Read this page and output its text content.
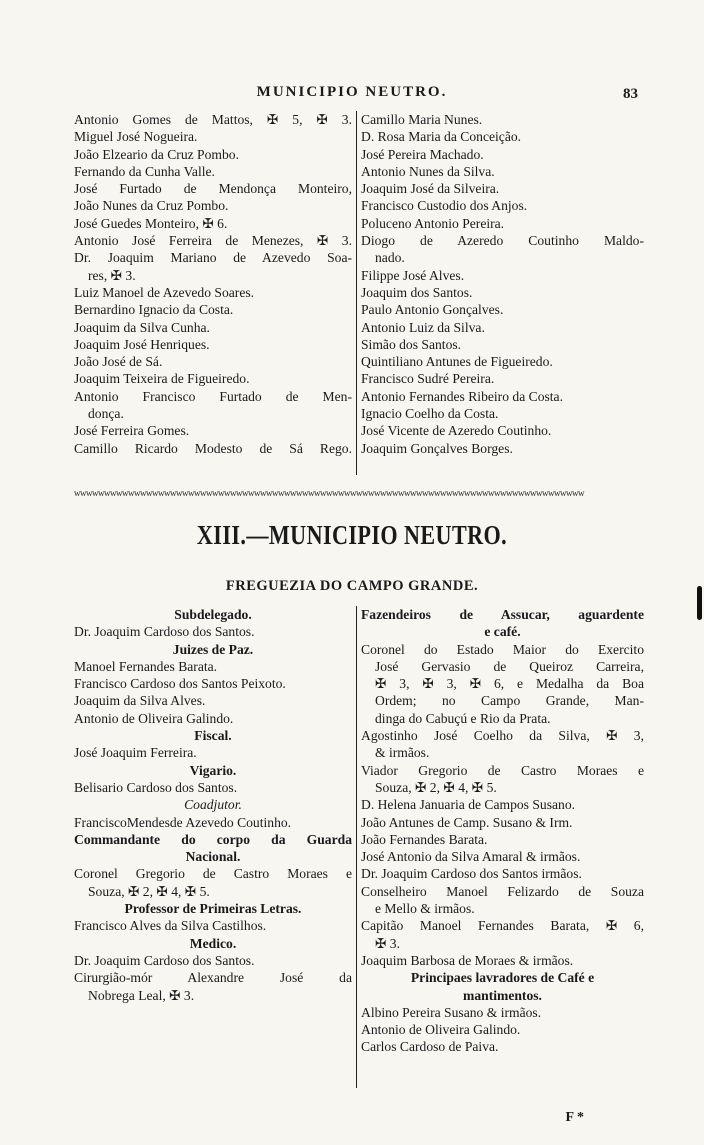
MUNICIPIO NEUTRO.	83
Antonio Gomes de Mattos, ✠ 5, ✠ 3.
Miguel José Nogueira.
João Elzeario da Cruz Pombo.
Fernando da Cunha Valle.
José Furtado de Mendonça Monteiro,
João Nunes da Cruz Pombo.
José Guedes Monteiro, ✠ 6.
Antonio José Ferreira de Menezes, ✠ 3.
Dr. Joaquim Mariano de Azevedo Soa-
res, ✠ 3.
Luiz Manoel de Azevedo Soares.
Bernardino Ignacio da Costa.
Joaquim da Silva Cunha.
Joaquim José Henriques.
João José de Sá.
Joaquim Teixeira de Figueiredo.
Antonio Francisco Furtado de Men-
donça.
José Ferreira Gomes.
Camillo Ricardo Modesto de Sá Rego.
Camillo Maria Nunes.
D. Rosa Maria da Conceição.
José Pereira Machado.
Antonio Nunes da Silva.
Joaquim José da Silveira.
Francisco Custodio dos Anjos.
Poluceno Antonio Pereira.
Diogo de Azeredo Coutinho Maldo-
nado.
Filippe José Alves.
Joaquim dos Santos.
Paulo Antonio Gonçalves.
Antonio Luiz da Silva.
Simão dos Santos.
Quintiliano Antunes de Figueiredo.
Francisco Sudré Pereira.
Antonio Fernandes Ribeiro da Costa.
Ignacio Coelho da Costa.
José Vicente de Azeredo Coutinho.
Joaquim Gonçalves Borges.
ᴡᴡᴡᴡᴡᴡᴡᴡᴡᴡᴡᴡᴡᴡᴡᴡᴡᴡᴡᴡᴡᴡᴡᴡᴡᴡᴡᴡᴡᴡᴡᴡᴡᴡᴡᴡᴡᴡᴡᴡᴡᴡᴡᴡᴡᴡᴡᴡᴡᴡᴡᴡᴡᴡᴡᴡᴡᴡᴡᴡᴡᴡᴡᴡᴡᴡᴡᴡᴡᴡᴡᴡᴡᴡᴡᴡᴡᴡᴡᴡᴡᴡᴡᴡᴡ
XIII.—MUNICIPIO NEUTRO.
FREGUEZIA DO CAMPO GRANDE.
Subdelegado.
Dr. Joaquim Cardoso dos Santos.
Juizes de Paz.
Manoel Fernandes Barata.
Francisco Cardoso dos Santos Peixoto.
Joaquim da Silva Alves.
Antonio de Oliveira Galindo.
Fiscal.
José Joaquim Ferreira.
Vigario.
Belisario Cardoso dos Santos.
Coadjutor.
FranciscoMendesde Azevedo Coutinho.
Commandante do corpo da Guarda
Nacional.
Coronel Gregorio de Castro Moraes e
Souza, ✠ 2, ✠ 4, ✠ 5.
Professor de Primeiras Letras.
Francisco Alves da Silva Castilhos.
Medico.
Dr. Joaquim Cardoso dos Santos.
Cirurgião-mór Alexandre José da
Nobrega Leal, ✠ 3.
Fazendeiros de Assucar, aguardente
e café.
Coronel do Estado Maior do Exercito
José Gervasio de Queiroz Carreira,
✠ 3, ✠ 3, ✠ 6, e Medalha da Boa
Ordem; no Campo Grande, Man-
dinga do Cabuçú e Rio da Prata.
Agostinho José Coelho da Silva, ✠ 3,
& irmãos.
Viador Gregorio de Castro Moraes e
Souza, ✠ 2, ✠ 4, ✠ 5.
D. Helena Januaria de Campos Susano.
João Antunes de Camp. Susano & Irm.
João Fernandes Barata.
José Antonio da Silva Amaral & irmãos.
Dr. Joaquim Cardoso dos Santos irmãos.
Conselheiro Manoel Felizardo de Souza
e Mello & irmãos.
Capitão Manoel Fernandes Barata, ✠ 6,
✠ 3.
Joaquim Barbosa de Moraes & irmãos.
Principaes lavradores de Café e
mantimentos.
Albino Pereira Susano & irmãos.
Antonio de Oliveira Galindo.
Carlos Cardoso de Paiva.
F *
